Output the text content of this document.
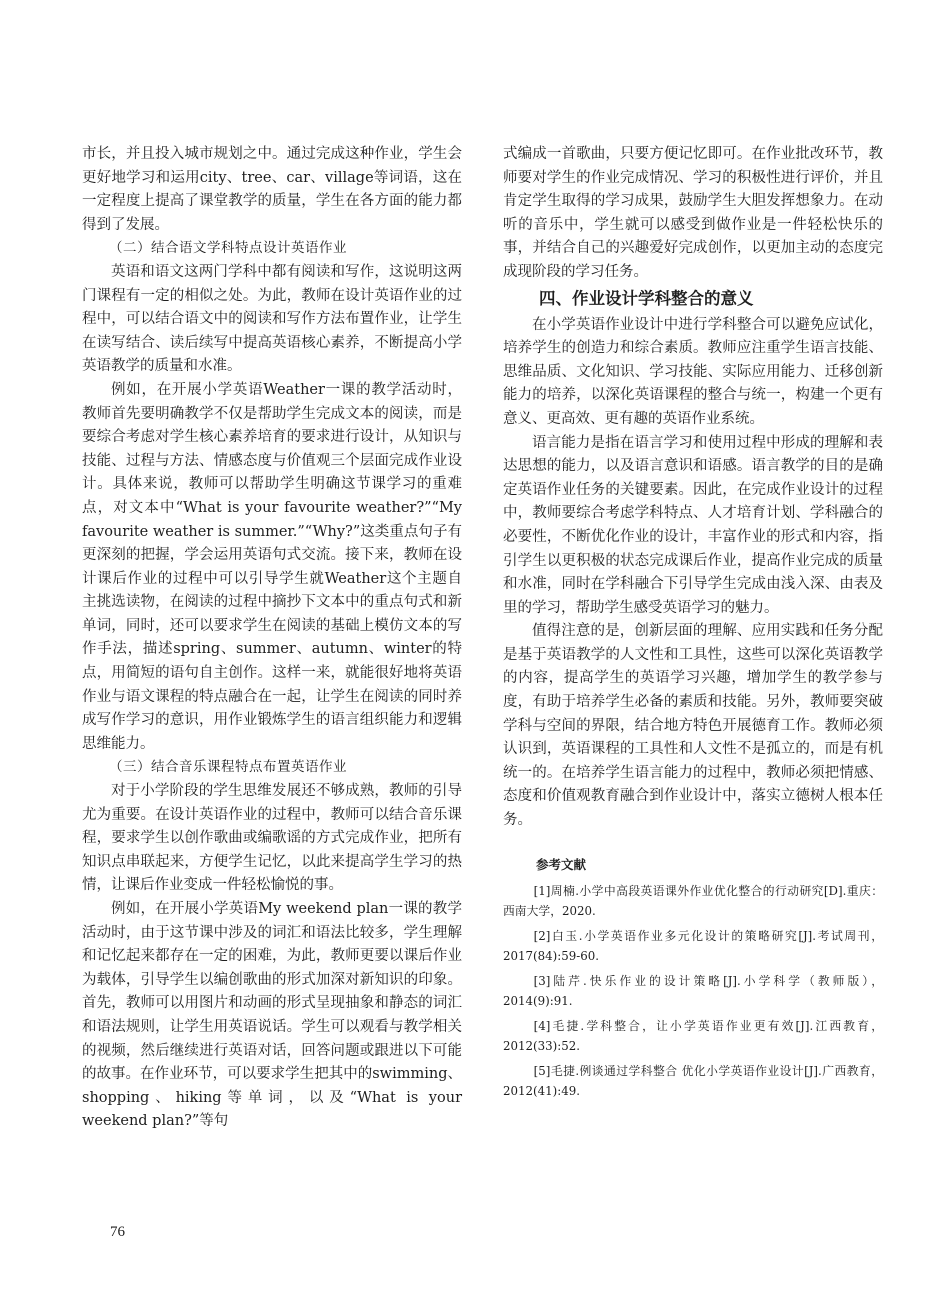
市长，并且投入城市规划之中。通过完成这种作业，学生会更好地学习和运用city、tree、car、village等词语，这在一定程度上提高了课堂教学的质量，学生在各方面的能力都得到了发展。

（二）结合语文学科特点设计英语作业

英语和语文这两门学科中都有阅读和写作，这说明这两门课程有一定的相似之处。为此，教师在设计英语作业的过程中，可以结合语文中的阅读和写作方法布置作业，让学生在读写结合、读后续写中提高英语核心素养，不断提高小学英语教学的质量和水准。

例如，在开展小学英语Weather一课的教学活动时，教师首先要明确教学不仅是帮助学生完成文本的阅读，而是要综合考虑对学生核心素养培育的要求进行设计，从知识与技能、过程与方法、情感态度与价值观三个层面完成作业设计。具体来说，教师可以帮助学生明确这节课学习的重难点，对文本中“What is your favourite weather?”“My favourite weather is summer.”“Why?”这类重点句子有更深刻的把握，学会运用英语句式交流。接下来，教师在设计课后作业的过程中可以引导学生就Weather这个主题自主挑选读物，在阅读的过程中摘抄下文本中的重点句式和新单词，同时，还可以要求学生在阅读的基础上模仿文本的写作手法，描述spring、summer、autumn、winter的特点，用简短的语句自主创作。这样一来，就能很好地将英语作业与语文课程的特点融合在一起，让学生在阅读的同时养成写作学习的意识，用作业锻炼学生的语言组织能力和逻辑思维能力。

（三）结合音乐课程特点布置英语作业

对于小学阶段的学生思维发展还不够成熟，教师的引导尤为重要。在设计英语作业的过程中，教师可以结合音乐课程，要求学生以创作歌曲或编歌谣的方式完成作业，把所有知识点串联起来，方便学生记忆，以此来提高学生学习的热情，让课后作业变成一件轻松愉悦的事。

例如，在开展小学英语My weekend plan一课的教学活动时，由于这节课中涉及的词汇和语法比较多，学生理解和记忆起来都存在一定的困难，为此，教师更要以课后作业为载体，引导学生以编创歌曲的形式加深对新知识的印象。首先，教师可以用图片和动画的形式呈现抽象和静态的词汇和语法规则，让学生用英语说话。学生可以观看与教学相关的视频，然后继续进行英语对话，回答问题或跟进以下可能的故事。在作业环节，可以要求学生把其中的swimming、shopping、hiking等单词，以及“What is your weekend plan?”等句

式编成一首歌曲，只要方便记忆即可。在作业批改环节，教师要对学生的作业完成情况、学习的积极性进行评价，并且肯定学生取得的学习成果，鼓励学生大胆发挥想象力。在动听的音乐中，学生就可以感受到做作业是一件轻松快乐的事，并结合自己的兴趣爱好完成创作，以更加主动的态度完成现阶段的学习任务。

四、作业设计学科整合的意义

在小学英语作业设计中进行学科整合可以避免应试化，培养学生的创造力和综合素质。教师应注重学生语言技能、思维品质、文化知识、学习技能、实际应用能力、迁移创新能力的培养，以深化英语课程的整合与统一，构建一个更有意义、更高效、更有趣的英语作业系统。

语言能力是指在语言学习和使用过程中形成的理解和表达思想的能力，以及语言意识和语感。语言教学的目的是确定英语作业任务的关键要素。因此，在完成作业设计的过程中，教师要综合考虑学科特点、人才培育计划、学科融合的必要性，不断优化作业的设计，丰富作业的形式和内容，指引学生以更积极的状态完成课后作业，提高作业完成的质量和水准，同时在学科融合下引导学生完成由浅入深、由表及里的学习，帮助学生感受英语学习的魅力。

值得注意的是，创新层面的理解、应用实践和任务分配是基于英语教学的人文性和工具性，这些可以深化英语教学的内容，提高学生的英语学习兴趣，增加学生的教学参与度，有助于培养学生必备的素质和技能。另外，教师要突破学科与空间的界限，结合地方特色开展德育工作。教师必须认识到，英语课程的工具性和人文性不是孤立的，而是有机统一的。在培养学生语言能力的过程中，教师必须把情感、态度和价值观教育融合到作业设计中，落实立德树人根本任务。

参考文献

[1]周楠.小学中高段英语课外作业优化整合的行动研究[D].重庆：西南大学，2020.

[2]白玉.小学英语作业多元化设计的策略研究[J].考试周刊，2017(84):59-60.

[3]陆芹.快乐作业的设计策略[J].小学科学（教师版），2014(9):91.

[4]毛捷.学科整合，让小学英语作业更有效[J].江西教育，2012(33):52.

[5]毛捷.例谈通过学科整合 优化小学英语作业设计[J].广西教育，2012(41):49.

76
